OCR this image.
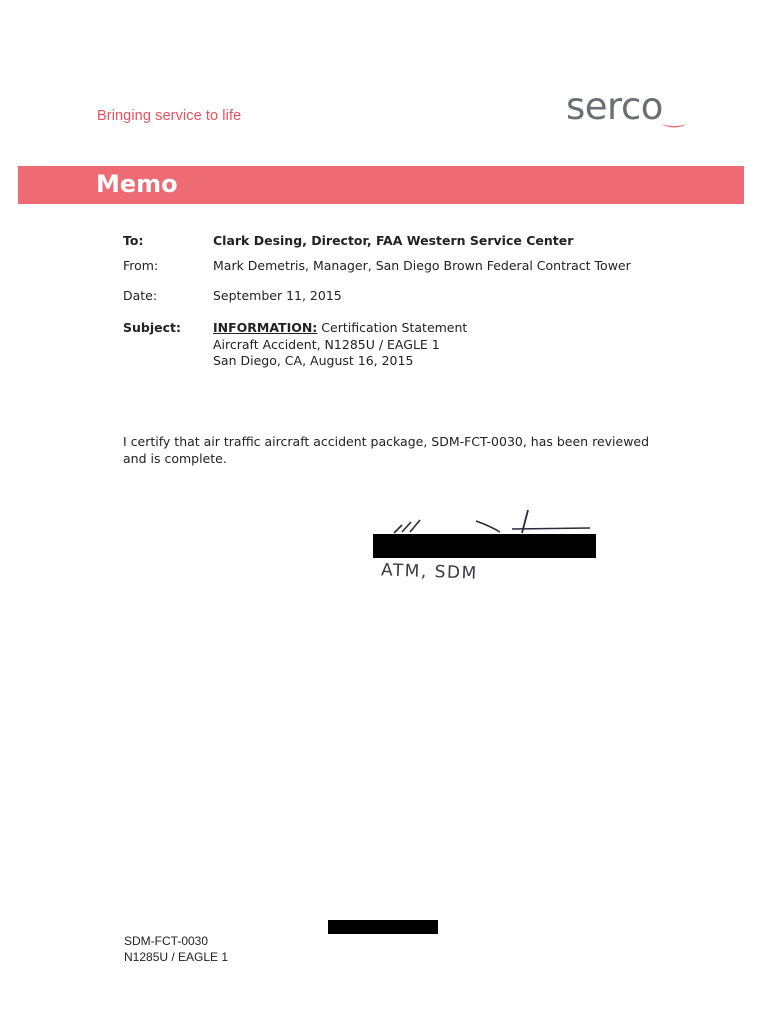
Bringing service to life	serco
Memo
To:	Clark Desing, Director, FAA Western Service Center
From:	Mark Demetris, Manager, San Diego Brown Federal Contract Tower
Date:	September 11, 2015
Subject:	INFORMATION: Certification Statement
Aircraft Accident, N1285U / EAGLE 1
San Diego, CA, August 16, 2015
I certify that air traffic aircraft accident package, SDM-FCT-0030, has been reviewed and is complete.
ATM, SDM
SDM-FCT-0030
N1285U / EAGLE 1
